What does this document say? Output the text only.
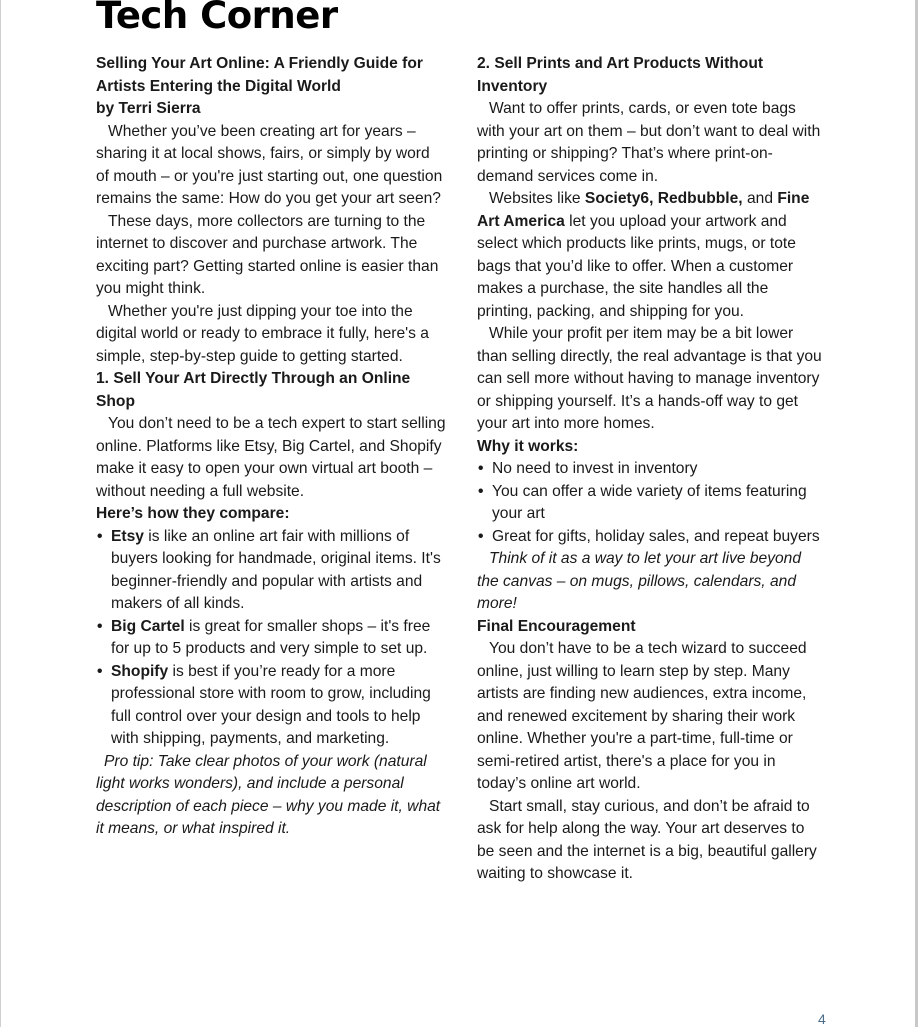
Tech Corner

Selling Your Art Online: A Friendly Guide for Artists Entering the Digital World

by Terri Sierra

Whether you’ve been creating art for years – sharing it at local shows, fairs, or simply by word of mouth – or you're just starting out, one question remains the same: How do you get your art seen?

These days, more collectors are turning to the internet to discover and purchase artwork. The exciting part? Getting started online is easier than you might think.

Whether you're just dipping your toe into the digital world or ready to embrace it fully, here's a simple, step-by-step guide to getting started.

1. Sell Your Art Directly Through an Online Shop

You don’t need to be a tech expert to start selling online. Platforms like Etsy, Big Cartel, and Shopify make it easy to open your own virtual art booth – without needing a full website.

Here’s how they compare:

• Etsy is like an online art fair with millions of buyers looking for handmade, original items. It's beginner-friendly and popular with artists and makers of all kinds.
• Big Cartel is great for smaller shops – it's free for up to 5 products and very simple to set up.
• Shopify is best if you’re ready for a more professional store with room to grow, including full control over your design and tools to help with shipping, payments, and marketing.

Pro tip: Take clear photos of your work (natural light works wonders), and include a personal description of each piece – why you made it, what it means, or what inspired it.

2. Sell Prints and Art Products Without Inventory

Want to offer prints, cards, or even tote bags with your art on them – but don’t want to deal with printing or shipping? That’s where print-on-demand services come in.

Websites like Society6, Redbubble, and Fine Art America let you upload your artwork and select which products like prints, mugs, or tote bags that you’d like to offer. When a customer makes a purchase, the site handles all the printing, packing, and shipping for you.

While your profit per item may be a bit lower than selling directly, the real advantage is that you can sell more without having to manage inventory or shipping yourself. It’s a hands-off way to get your art into more homes.

Why it works:

• No need to invest in inventory
• You can offer a wide variety of items featuring your art
• Great for gifts, holiday sales, and repeat buyers

Think of it as a way to let your art live beyond the canvas – on mugs, pillows, calendars, and more!

Final Encouragement

You don’t have to be a tech wizard to succeed online, just willing to learn step by step. Many artists are finding new audiences, extra income, and renewed excitement by sharing their work online. Whether you're a part-time, full-time or semi-retired artist, there's a place for you in today’s online art world.

Start small, stay curious, and don’t be afraid to ask for help along the way. Your art deserves to be seen and the internet is a big, beautiful gallery waiting to showcase it.

4
